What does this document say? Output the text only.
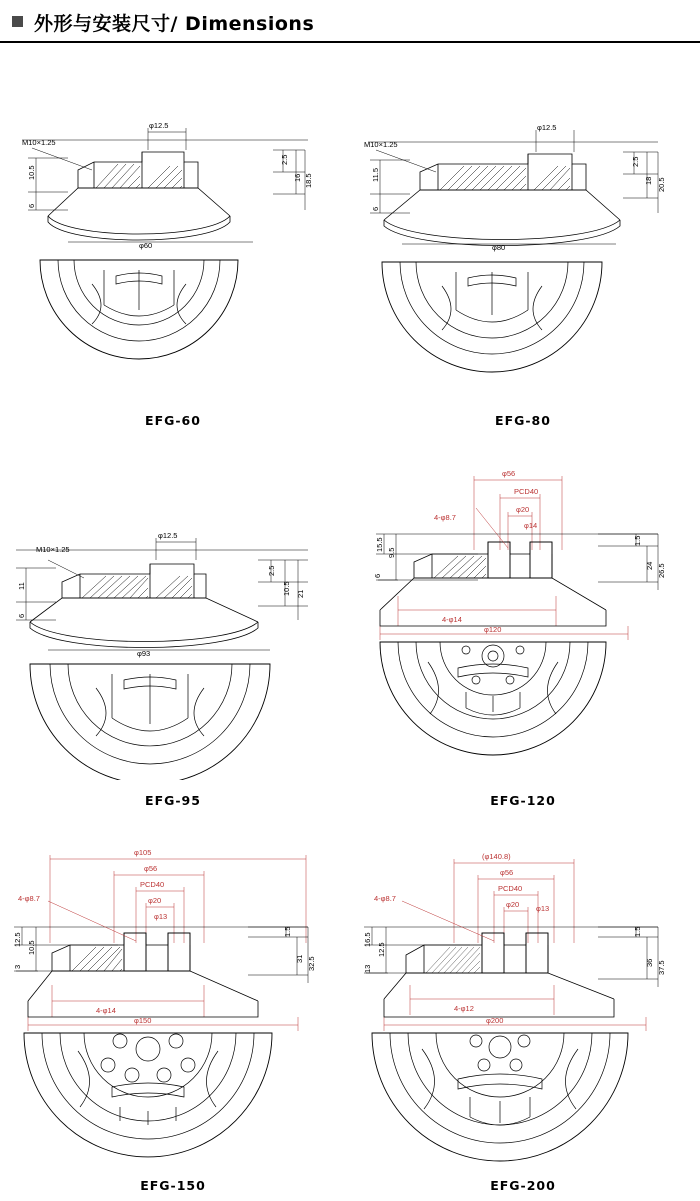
外形与安装尺寸/ Dimensions
M10×1.25
φ12.5
2.5
16 18.5
10.5
6
φ60
EFG-60
M10×1.25
φ12.5
2.5
18 20.5
11.5
6
φ80
EFG-80
M10×1.25
φ12.5
2.5
10.5 21
11
6
φ93
EFG-95
φ56
PCD40
φ20
φ14
4-φ8.7
4-φ14
φ120
15.5
9.5
6
1.5
24 26.5
EFG-120
φ105
φ56
PCD40
φ20
φ13
4-φ8.7
4-φ14
φ150
12.5
10.5
3
1.5
31 32.5
EFG-150
(φ140.8)
φ56
PCD40
φ20 φ13
4-φ8.7
4-φ12
φ200
16.5
12.5
13
1.5
36 37.5
EFG-200
